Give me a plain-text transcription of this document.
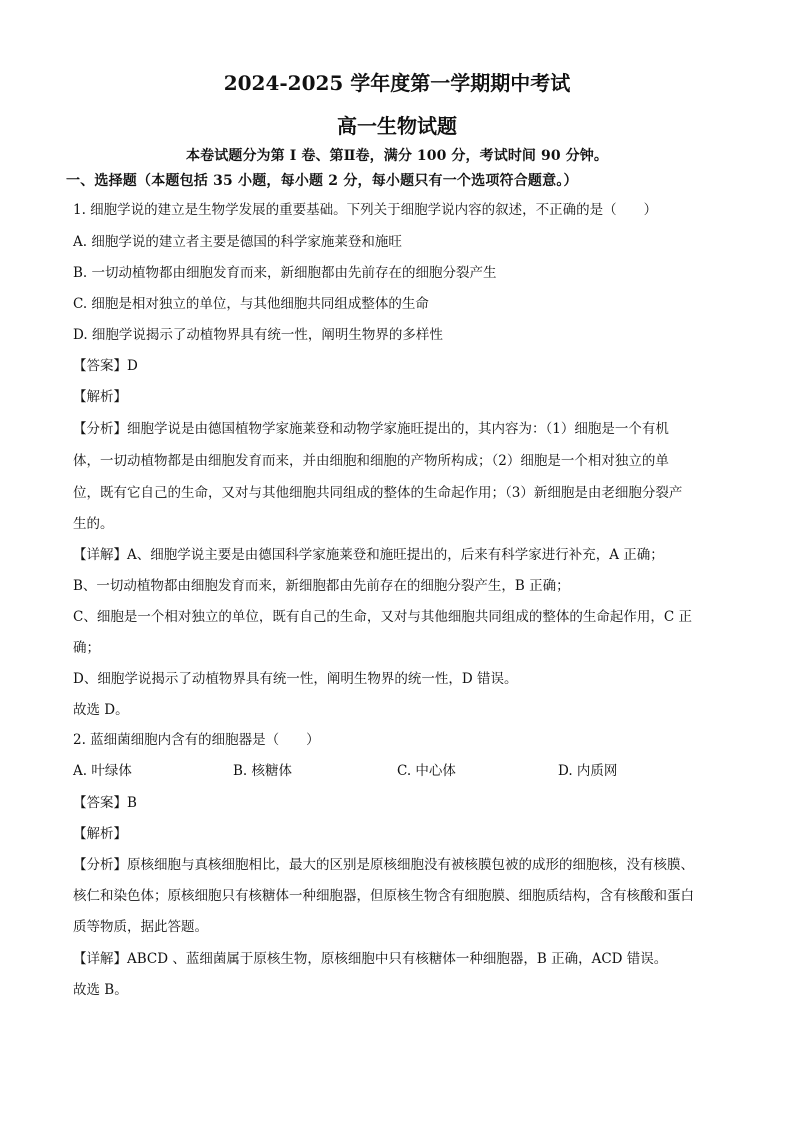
2024-2025 学年度第一学期期中考试
高一生物试题
本卷试题分为第 I 卷、第Ⅱ卷，满分 100 分，考试时间 90 分钟。
一、选择题（本题包括 35 小题，每小题 2 分，每小题只有一个选项符合题意。）
1. 细胞学说的建立是生物学发展的重要基础。下列关于细胞学说内容的叙述，不正确的是（　　）
A. 细胞学说的建立者主要是德国的科学家施莱登和施旺
B. 一切动植物都由细胞发育而来，新细胞都由先前存在的细胞分裂产生
C. 细胞是相对独立的单位，与其他细胞共同组成整体的生命
D. 细胞学说揭示了动植物界具有统一性，阐明生物界的多样性
【答案】D
【解析】
【分析】细胞学说是由德国植物学家施莱登和动物学家施旺提出的，其内容为：（1）细胞是一个有机
体，一切动植物都是由细胞发育而来，并由细胞和细胞的产物所构成；（2）细胞是一个相对独立的单
位，既有它自己的生命，又对与其他细胞共同组成的整体的生命起作用；（3）新细胞是由老细胞分裂产
生的。
【详解】A、细胞学说主要是由德国科学家施莱登和施旺提出的，后来有科学家进行补充，A 正确；
B、一切动植物都由细胞发育而来，新细胞都由先前存在的细胞分裂产生，B 正确；
C、细胞是一个相对独立的单位，既有自己的生命，又对与其他细胞共同组成的整体的生命起作用，C 正
确；
D、细胞学说揭示了动植物界具有统一性，阐明生物界的统一性，D 错误。
故选 D。
2. 蓝细菌细胞内含有的细胞器是（　　）
A. 叶绿体	B. 核糖体	C. 中心体	D. 内质网
【答案】B
【解析】
【分析】原核细胞与真核细胞相比，最大的区别是原核细胞没有被核膜包被的成形的细胞核，没有核膜、
核仁和染色体；原核细胞只有核糖体一种细胞器，但原核生物含有细胞膜、细胞质结构，含有核酸和蛋白
质等物质，据此答题。
【详解】ABCD 、蓝细菌属于原核生物，原核细胞中只有核糖体一种细胞器，B 正确，ACD 错误。
故选 B。
